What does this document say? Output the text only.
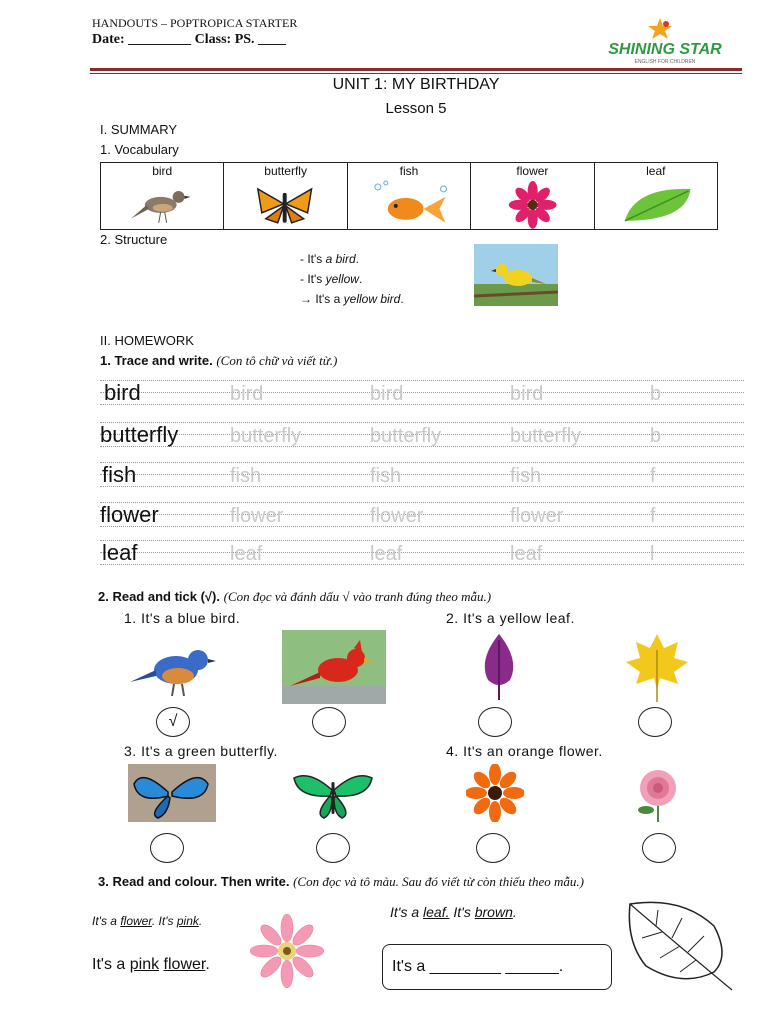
HANDOUTS – POPTROPICA STARTER
Date: _________ Class: PS. ____
SHINING STAR
ENGLISH FOR CHILDREN
UNIT 1: MY BIRTHDAY
Lesson 5
I. SUMMARY
1. Vocabulary
bird	butterfly	fish	flower	leaf
2. Structure
- It's a bird.
- It's yellow.
→ It's a yellow bird.
II. HOMEWORK
1. Trace and write. (Con tô chữ và viết từ.)
bird	bird	bird	bird	b
butterfly	butterfly	butterfly	butterfly	b
fish	fish	fish	fish	f
flower	flower	flower	flower	f
leaf	leaf	leaf	leaf	l
2. Read and tick (√). (Con đọc và đánh dấu √ vào tranh đúng theo mẫu.)
1. It's a blue bird.	2. It's a yellow leaf.
√
3. It's a green butterfly.	4. It's an orange flower.
3. Read and colour. Then write. (Con đọc và tô màu. Sau đó viết từ còn thiếu theo mẫu.)
It's a flower. It's pink.
It's a pink flower.
It's a leaf. It's brown.
It's a ________ ______.
